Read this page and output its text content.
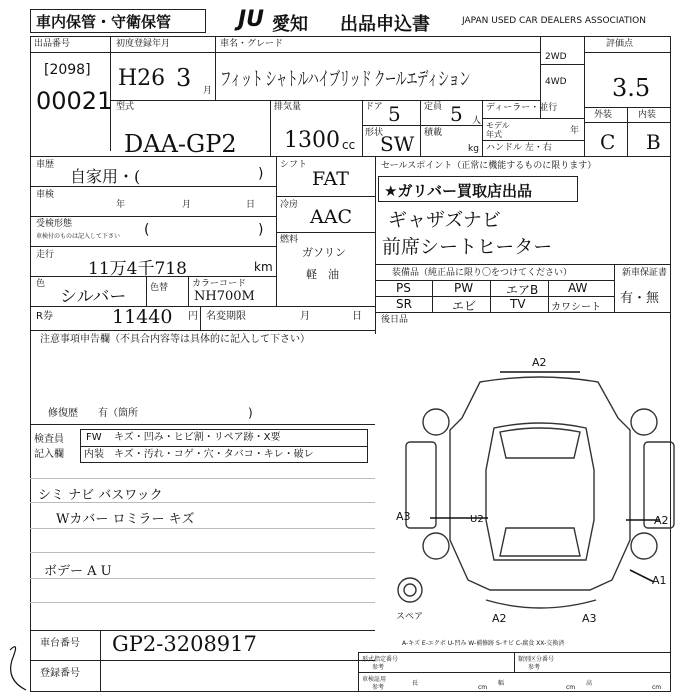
車内保管・守衛保管	JU 愛知 出品申込書	JAPAN USED CAR DEALERS ASSOCIATION
出品番号
[2098]
00021
初度登録年月	車名・グレード
H26 3 月
フィット シャトルハイブリッド クールエディション
2WD
4WD
評価点
3.5
外装	内装
C B
型式
DAA-GP2
排気量
1300 cc
ドア 5	定員 5 人
形状
SW 積載
kg
ディーラー・並行
モデル年式	年
ハンドル 左・右
車歴
自家用・(	)
車検
年	月	日
受検形態
車検付のものは記入して下さい (	)
走行
11万4千718	km
色
シルバー	色替	カラーコード
NH700M
R券	11440 円 名変期限	月	日
シフト
FAT
冷房
AAC
燃料
ガソリン
軽　油
セールスポイント（正常に機能するものに限ります）
★ガリバー買取店出品
ギャザズナビ
前席シートヒーター
装備品（純正品に限り〇をつけてください）	新車保証書
有・無
PS	PW	エアB AW
SR	エビ	TV	カワシート
後日品
注意事項申告欄（不具合内容等は具体的に記入して下さい）
修復歴　　有（箇所	)
検査員
記入欄
FW キズ・凹み・ヒビ割・リペア跡・X要
内装 キズ・汚れ・コゲ・穴・タバコ・キレ・破レ
シミ ナビ バスワック
Wカバー ロミラー キズ
ボデー A U
A2
A3	U2	A2
A1
A2	A3
スペア
A-キズ E-エクボ U-凹み W-補修跡 S-サビ C-腐食 XX-交換済
車台番号 GP2-3208917
登録番号
形式指定番号
参考
類別区分番号
参考
車検証用
参考
長
cm
幅
cm
高
cm
